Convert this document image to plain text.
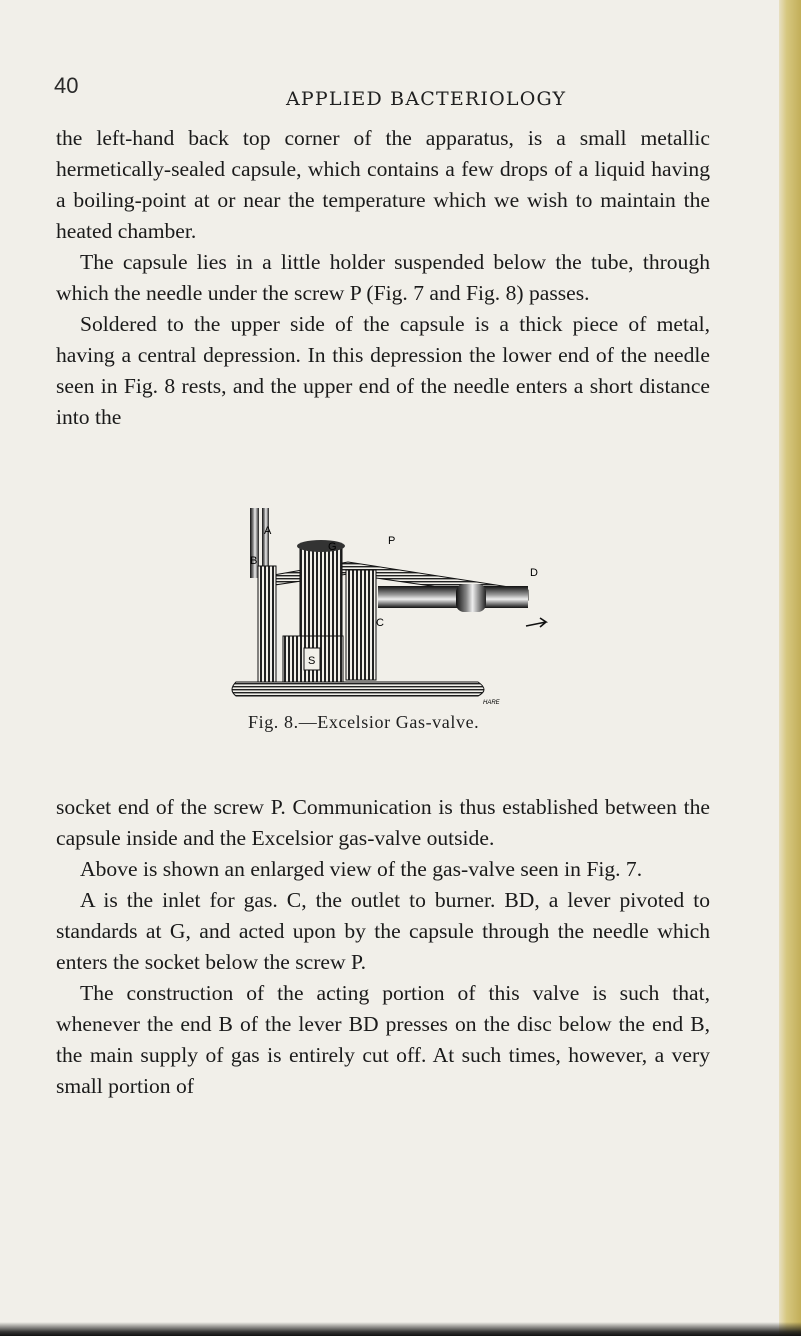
40
APPLIED BACTERIOLOGY

the left-hand back top corner of the apparatus, is a small metallic hermetically-sealed capsule, which contains a few drops of a liquid having a boiling-point at or near the temperature which we wish to maintain the heated chamber.

The capsule lies in a little holder suspended below the tube, through which the needle under the screw P (Fig. 7 and Fig. 8) passes.

Soldered to the upper side of the capsule is a thick piece of metal, having a central depression. In this depression the lower end of the needle seen in Fig. 8 rests, and the upper end of the needle enters a short distance into the

A
B
G	P
D
C
S
HARE
Fig. 8.—Excelsior Gas-valve.

socket end of the screw P. Communication is thus established between the capsule inside and the Excelsior gas-valve outside.

Above is shown an enlarged view of the gas-valve seen in Fig. 7.

A is the inlet for gas. C, the outlet to burner. BD, a lever pivoted to standards at G, and acted upon by the capsule through the needle which enters the socket below the screw P.

The construction of the acting portion of this valve is such that, whenever the end B of the lever BD presses on the disc below the end B, the main supply of gas is entirely cut off. At such times, however, a very small portion of
